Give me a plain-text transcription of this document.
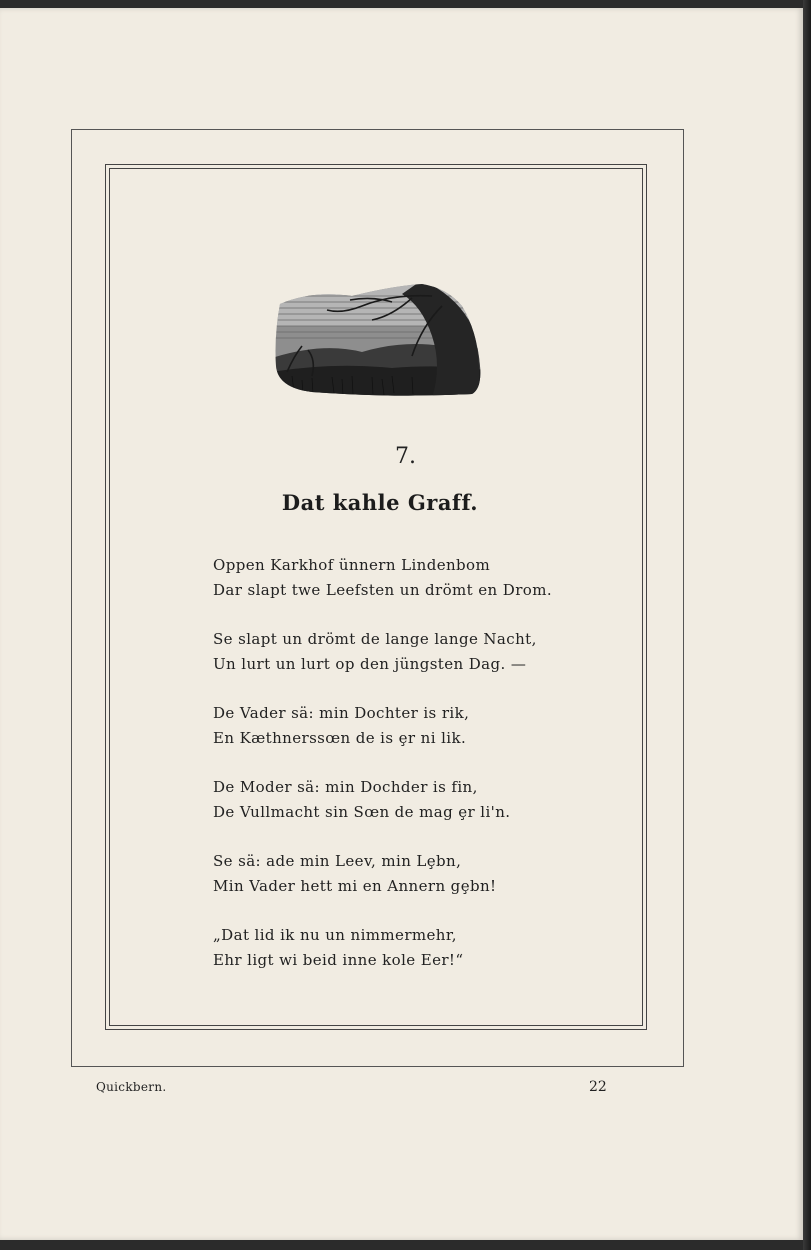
7.
Dat kahle Graff.
Oppen Karkhof ünnern Lindenbom
Dar slapt twe Leefsten un drömt en Drom.
Se slapt un drömt de lange lange Nacht,
Un lurt un lurt op den jüngsten Dag. —
De Vader sä: min Dochter is rik,
En Kæthnerssœn de is ȩr ni lik.
De Moder sä: min Dochder is fin,
De Vullmacht sin Sœn de mag ȩr li'n.
Se sä: ade min Leev, min Lȩbn,
Min Vader hett mi en Annern gȩbn!
„Dat lid ik nu un nimmermehr,
Ehr ligt wi beid inne kole Eer!“
Quickbern.	22
